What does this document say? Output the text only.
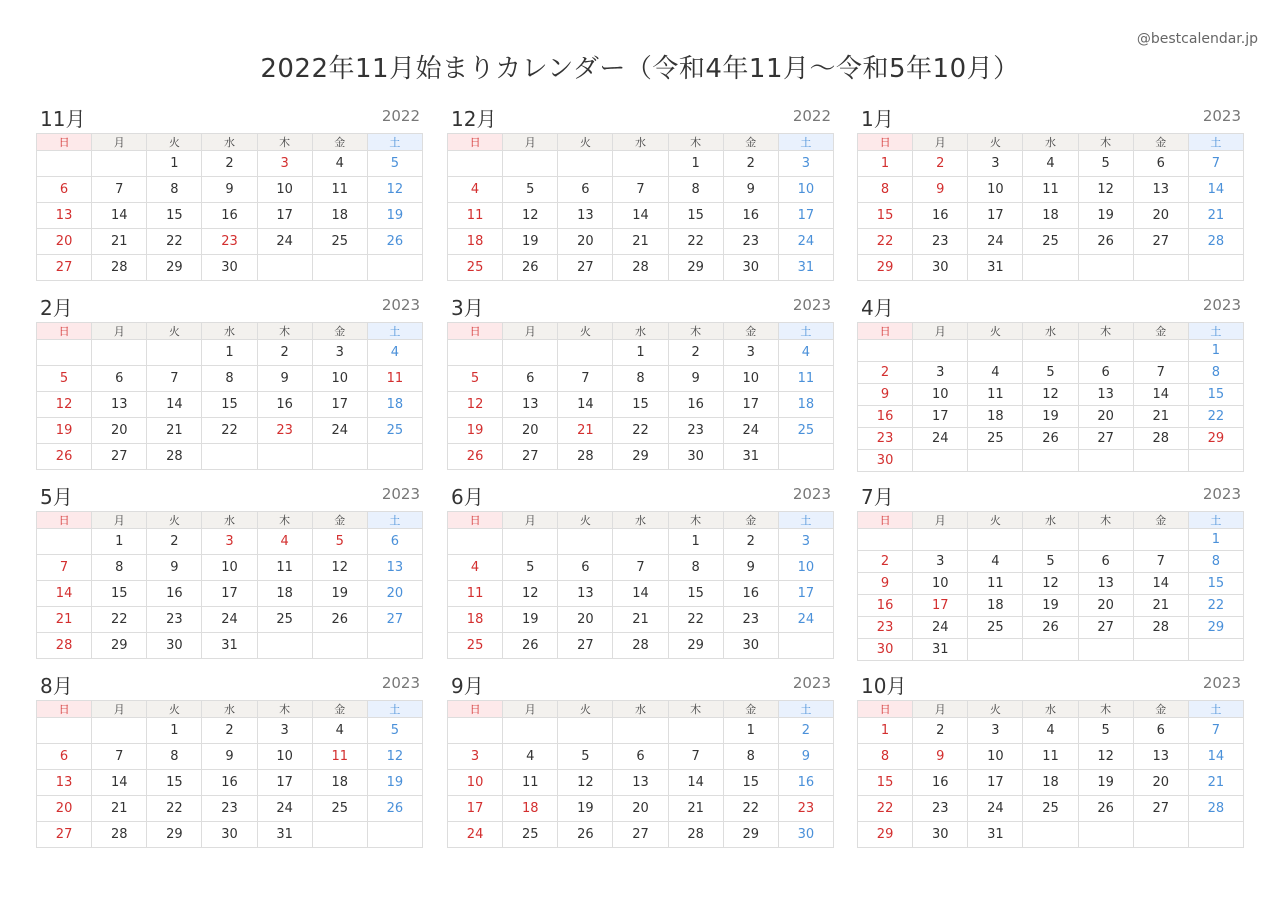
@bestcalendar.jp
2022年11月始まりカレンダー（令和4年11月〜令和5年10月）
11月	2022
日	月	火	水	木	金	土
		1	2	3	4	5
6	7	8	9	10	11	12
13	14	15	16	17	18	19
20	21	22	23	24	25	26
27	28	29	30			
12月	2022
日	月	火	水	木	金	土
				1	2	3
4	5	6	7	8	9	10
11	12	13	14	15	16	17
18	19	20	21	22	23	24
25	26	27	28	29	30	31
1月	2023
日	月	火	水	木	金	土
1	2	3	4	5	6	7
8	9	10	11	12	13	14
15	16	17	18	19	20	21
22	23	24	25	26	27	28
29	30	31				
2月	2023
日	月	火	水	木	金	土
			1	2	3	4
5	6	7	8	9	10	11
12	13	14	15	16	17	18
19	20	21	22	23	24	25
26	27	28				
3月	2023
日	月	火	水	木	金	土
			1	2	3	4
5	6	7	8	9	10	11
12	13	14	15	16	17	18
19	20	21	22	23	24	25
26	27	28	29	30	31	
4月	2023
日	月	火	水	木	金	土
						1
2	3	4	5	6	7	8
9	10	11	12	13	14	15
16	17	18	19	20	21	22
23	24	25	26	27	28	29
30						
5月	2023
日	月	火	水	木	金	土
	1	2	3	4	5	6
7	8	9	10	11	12	13
14	15	16	17	18	19	20
21	22	23	24	25	26	27
28	29	30	31			
6月	2023
日	月	火	水	木	金	土
				1	2	3
4	5	6	7	8	9	10
11	12	13	14	15	16	17
18	19	20	21	22	23	24
25	26	27	28	29	30	
7月	2023
日	月	火	水	木	金	土
						1
2	3	4	5	6	7	8
9	10	11	12	13	14	15
16	17	18	19	20	21	22
23	24	25	26	27	28	29
30	31					
8月	2023
日	月	火	水	木	金	土
		1	2	3	4	5
6	7	8	9	10	11	12
13	14	15	16	17	18	19
20	21	22	23	24	25	26
27	28	29	30	31		
9月	2023
日	月	火	水	木	金	土
					1	2
3	4	5	6	7	8	9
10	11	12	13	14	15	16
17	18	19	20	21	22	23
24	25	26	27	28	29	30
10月	2023
日	月	火	水	木	金	土
1	2	3	4	5	6	7
8	9	10	11	12	13	14
15	16	17	18	19	20	21
22	23	24	25	26	27	28
29	30	31				
